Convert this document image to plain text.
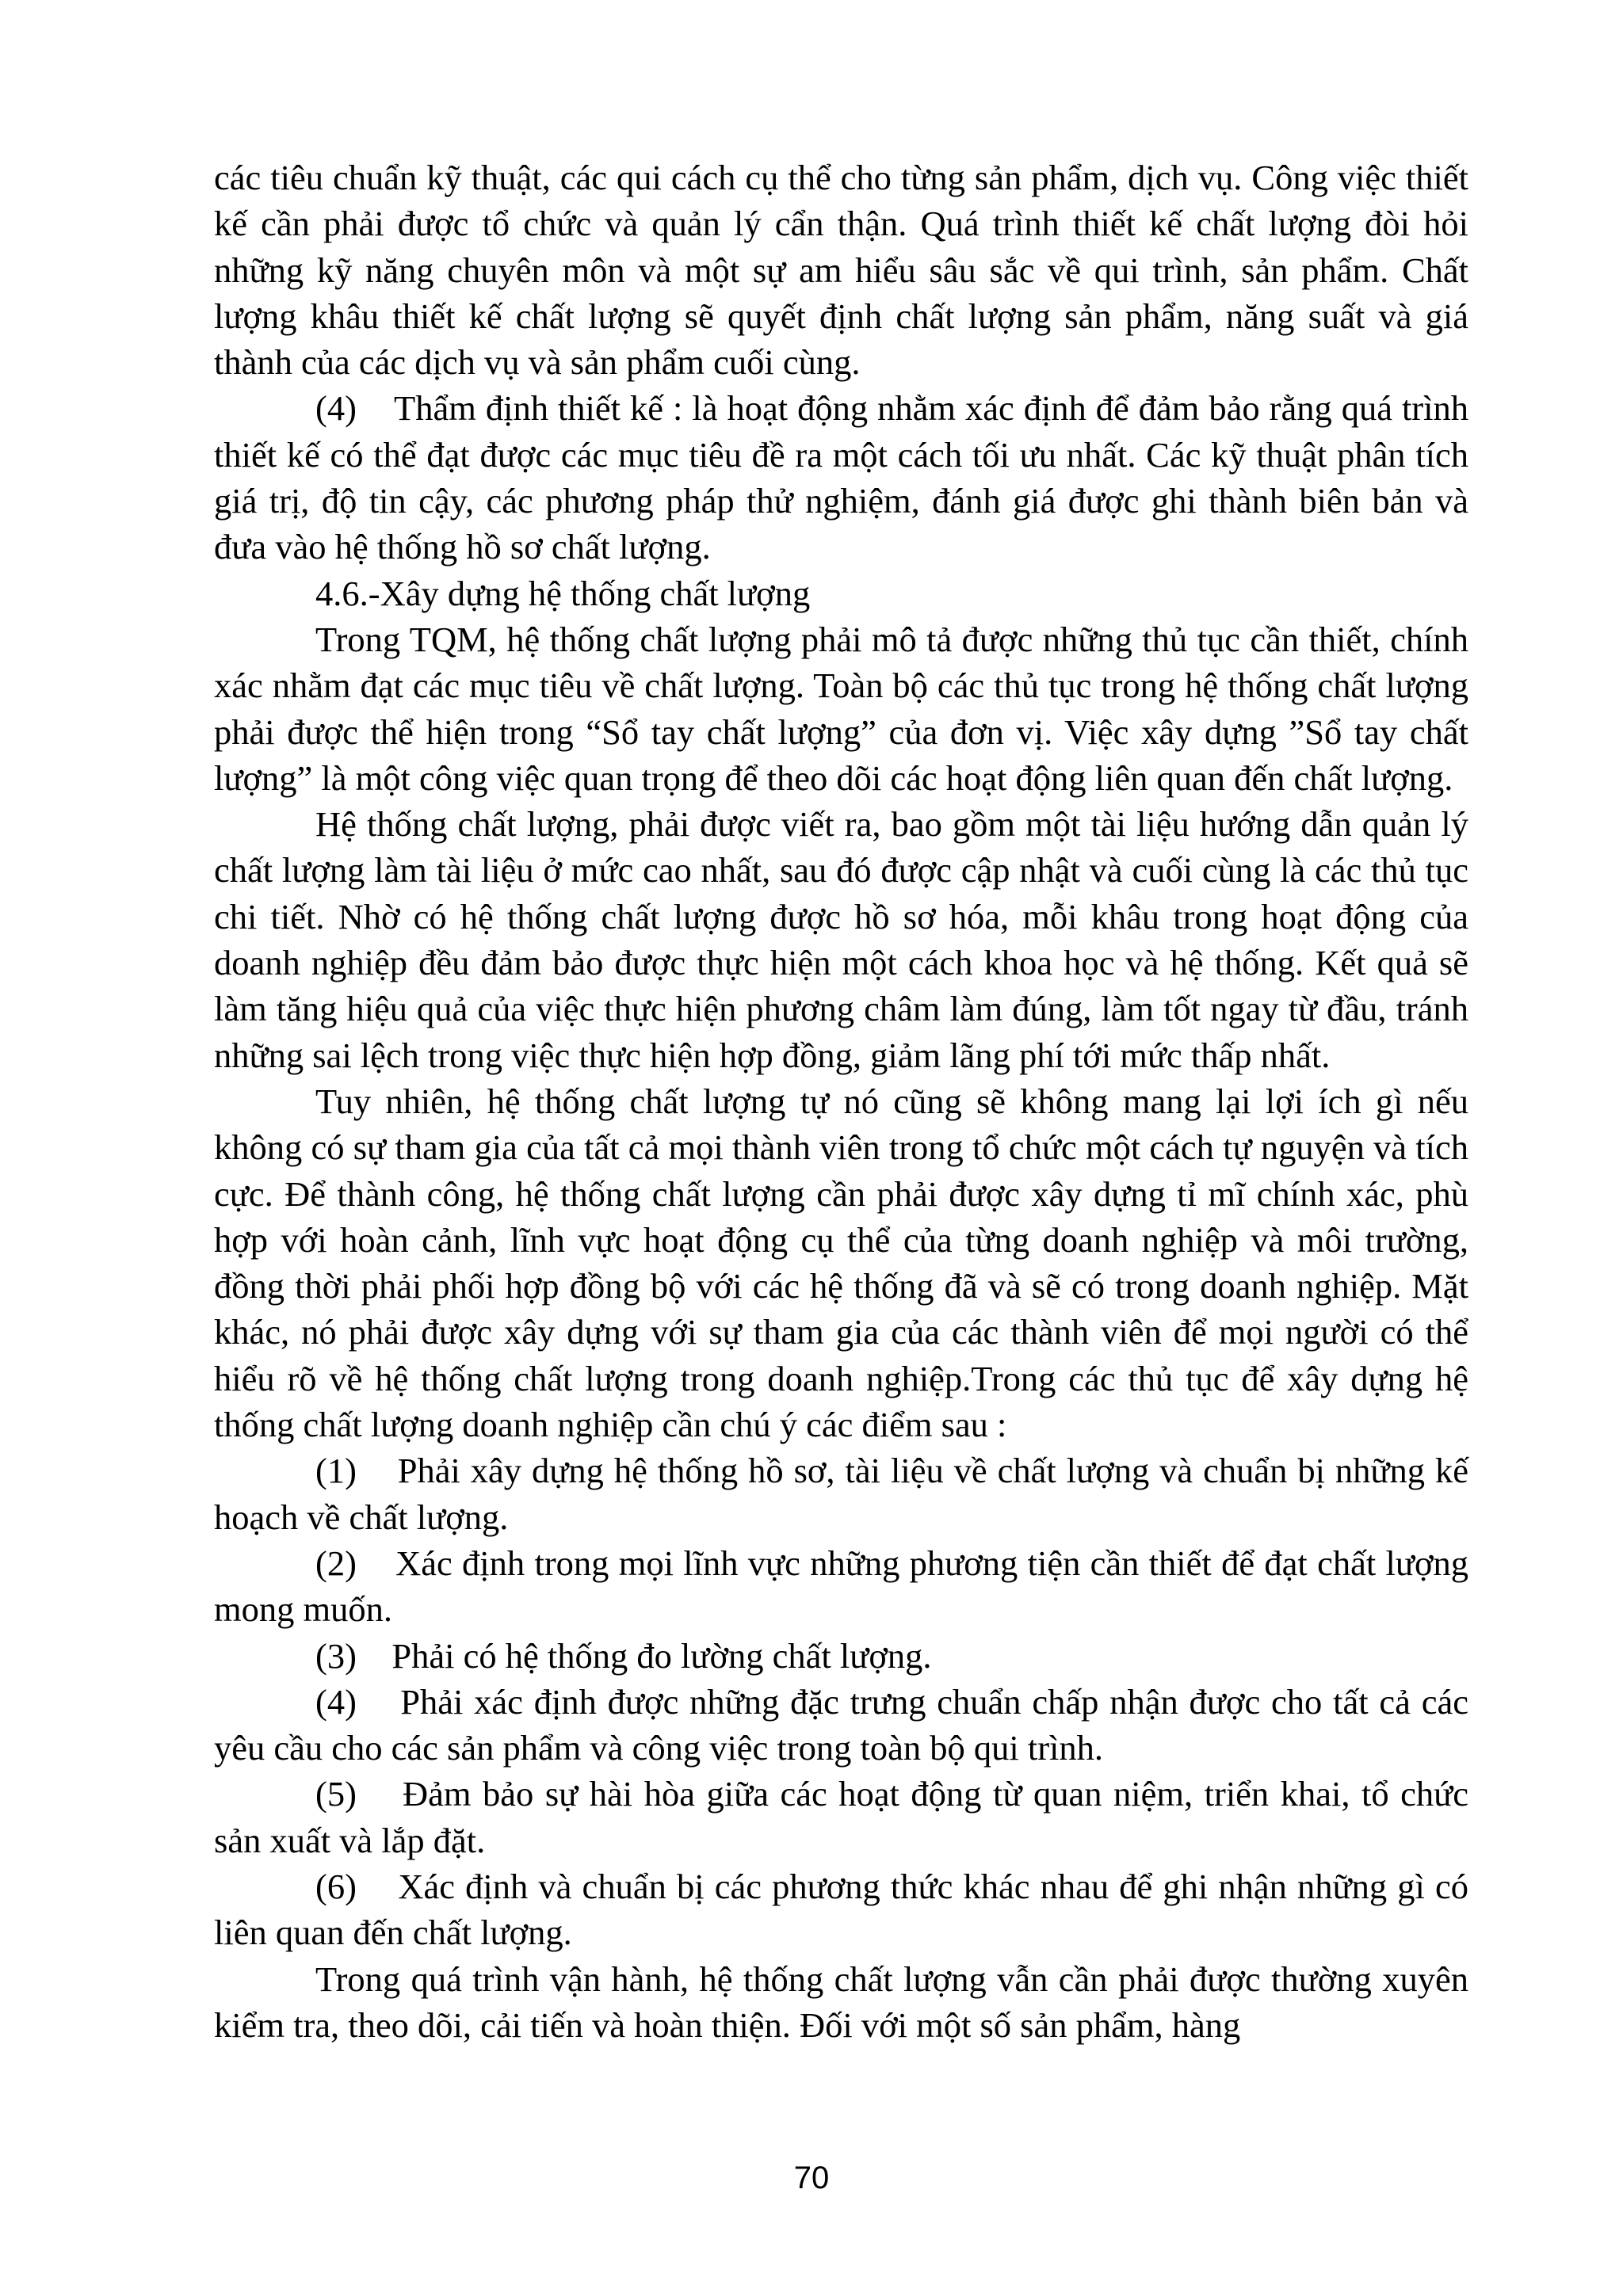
các tiêu chuẩn kỹ thuật, các qui cách cụ thể cho từng sản phẩm, dịch vụ. Công việc thiết kế cần phải được tổ chức và quản lý cẩn thận. Quá trình thiết kế chất lượng đòi hỏi những kỹ năng chuyên môn và một sự am hiểu sâu sắc về qui trình, sản phẩm. Chất lượng khâu thiết kế chất lượng sẽ quyết định chất lượng sản phẩm, năng suất và giá thành của các dịch vụ và sản phẩm cuối cùng.

(4)    Thẩm định thiết kế : là hoạt động nhằm xác định để đảm bảo rằng quá trình thiết kế có thể đạt được các mục tiêu đề ra một cách tối ưu nhất. Các kỹ thuật phân tích giá trị, độ tin cậy, các phương pháp thử nghiệm, đánh giá được ghi thành biên bản và đưa vào hệ thống hồ sơ chất lượng.

4.6.-Xây dựng hệ thống chất lượng

Trong TQM, hệ thống chất lượng phải mô tả được những thủ tục cần thiết, chính xác nhằm đạt các mục tiêu về chất lượng. Toàn bộ các thủ tục trong hệ thống chất lượng phải được thể hiện trong “Sổ tay chất lượng” của đơn vị. Việc xây dựng ”Sổ tay chất lượng” là một công việc quan trọng để theo dõi các hoạt động liên quan đến chất lượng.

Hệ thống chất lượng, phải được viết ra, bao gồm một tài liệu hướng dẫn quản lý chất lượng làm tài liệu ở mức cao nhất, sau đó được cập nhật và cuối cùng là các thủ tục chi tiết. Nhờ có hệ thống chất lượng được hồ sơ hóa, mỗi khâu trong hoạt động của doanh nghiệp đều đảm bảo được thực hiện một cách khoa học và hệ thống. Kết quả sẽ làm tăng hiệu quả của việc thực hiện phương châm làm đúng, làm tốt ngay từ đầu, tránh những sai lệch trong việc thực hiện hợp đồng, giảm lãng phí tới mức thấp nhất.

Tuy nhiên, hệ thống chất lượng tự nó cũng sẽ không mang lại lợi ích gì nếu không có sự tham gia của tất cả mọi thành viên trong tổ chức một cách tự nguyện và tích cực. Để thành công, hệ thống chất lượng cần phải được xây dựng tỉ mĩ chính xác, phù hợp với hoàn cảnh, lĩnh vực hoạt động cụ thể của từng doanh nghiệp và môi trường, đồng thời phải phối hợp đồng bộ với các hệ thống đã và sẽ có trong doanh nghiệp. Mặt khác, nó phải được xây dựng với sự tham gia của các thành viên để mọi người có thể hiểu rõ về hệ thống chất lượng trong doanh nghiệp.Trong các thủ tục để xây dựng hệ thống chất lượng doanh nghiệp cần chú ý các điểm sau :

(1)    Phải xây dựng hệ thống hồ sơ, tài liệu về chất lượng và chuẩn bị những kế hoạch về chất lượng.

(2)    Xác định trong mọi lĩnh vực những phương tiện cần thiết để đạt chất lượng mong muốn.

(3)    Phải có hệ thống đo lường chất lượng.

(4)    Phải xác định được những đặc trưng chuẩn chấp nhận được cho tất cả các yêu cầu cho các sản phẩm và công việc trong toàn bộ qui trình.

(5)    Đảm bảo sự hài hòa giữa các hoạt động từ quan niệm, triển khai, tổ chức sản xuất và lắp đặt.

(6)    Xác định và chuẩn bị các phương thức khác nhau để ghi nhận những gì có liên quan đến chất lượng.

Trong quá trình vận hành, hệ thống chất lượng vẫn cần phải được thường xuyên kiểm tra, theo dõi, cải tiến và hoàn thiện. Đối với một số sản phẩm, hàng

70
